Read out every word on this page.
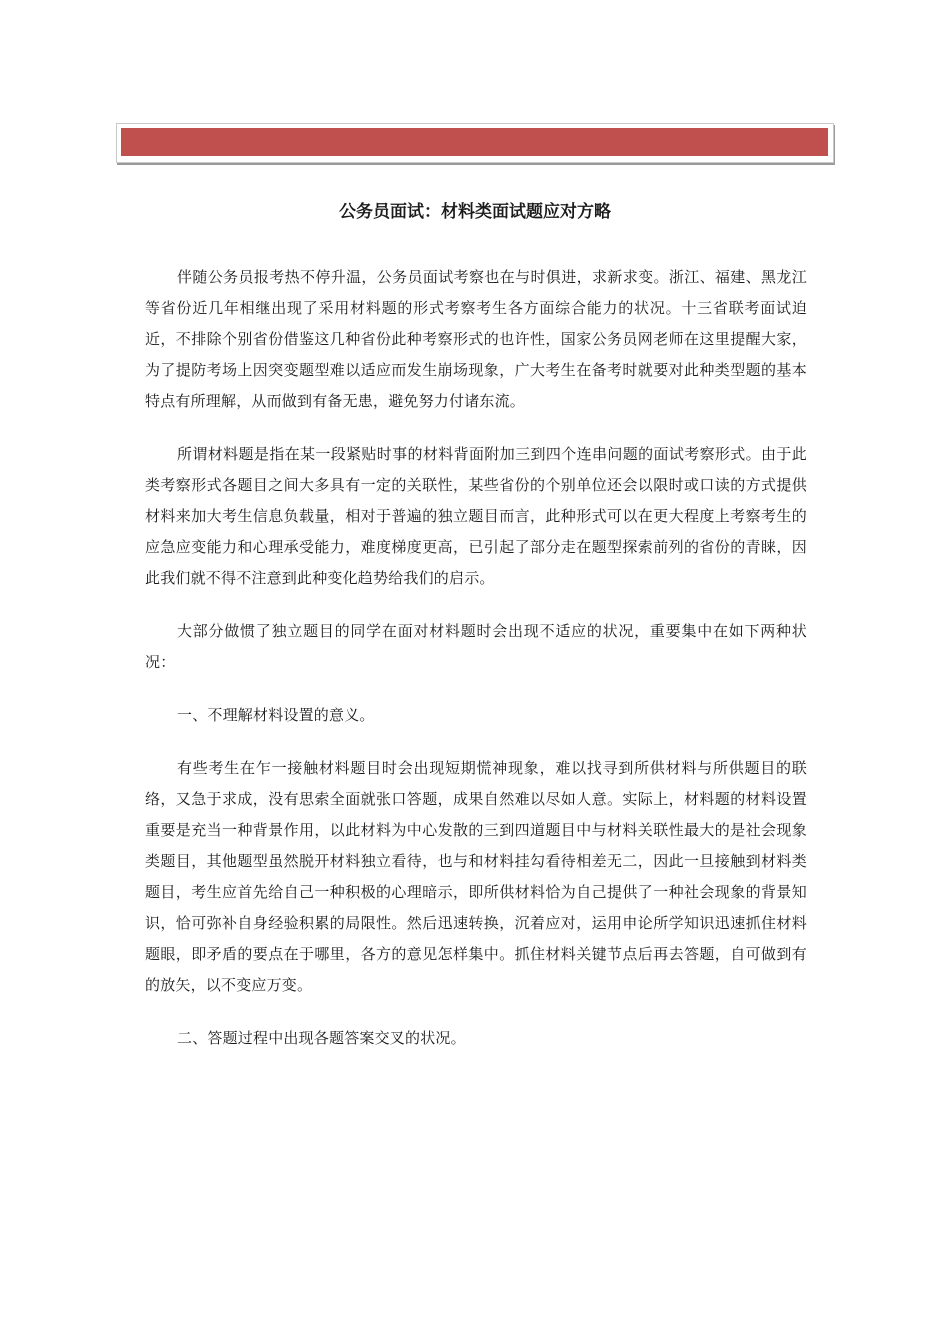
公务员面试：材料类面试题应对方略

伴随公务员报考热不停升温，公务员面试考察也在与时俱进，求新求变。浙江、福建、黑龙江等省份近几年相继出现了采用材料题的形式考察考生各方面综合能力的状况。十三省联考面试迫近，不排除个别省份借鉴这几种省份此种考察形式的也许性，国家公务员网老师在这里提醒大家，为了提防考场上因突变题型难以适应而发生崩场现象，广大考生在备考时就要对此种类型题的基本特点有所理解，从而做到有备无患，避免努力付诸东流。

所谓材料题是指在某一段紧贴时事的材料背面附加三到四个连串问题的面试考察形式。由于此类考察形式各题目之间大多具有一定的关联性，某些省份的个别单位还会以限时或口读的方式提供材料来加大考生信息负载量，相对于普遍的独立题目而言，此种形式可以在更大程度上考察考生的应急应变能力和心理承受能力，难度梯度更高，已引起了部分走在题型探索前列的省份的青睐，因此我们就不得不注意到此种变化趋势给我们的启示。

大部分做惯了独立题目的同学在面对材料题时会出现不适应的状况，重要集中在如下两种状况：

一、不理解材料设置的意义。

有些考生在乍一接触材料题目时会出现短期慌神现象，难以找寻到所供材料与所供题目的联络，又急于求成，没有思索全面就张口答题，成果自然难以尽如人意。实际上，材料题的材料设置重要是充当一种背景作用，以此材料为中心发散的三到四道题目中与材料关联性最大的是社会现象类题目，其他题型虽然脱开材料独立看待，也与和材料挂勾看待相差无二，因此一旦接触到材料类题目，考生应首先给自己一种积极的心理暗示，即所供材料恰为自己提供了一种社会现象的背景知识，恰可弥补自身经验积累的局限性。然后迅速转换，沉着应对，运用申论所学知识迅速抓住材料题眼，即矛盾的要点在于哪里，各方的意见怎样集中。抓住材料关键节点后再去答题，自可做到有的放矢，以不变应万变。

二、答题过程中出现各题答案交叉的状况。
